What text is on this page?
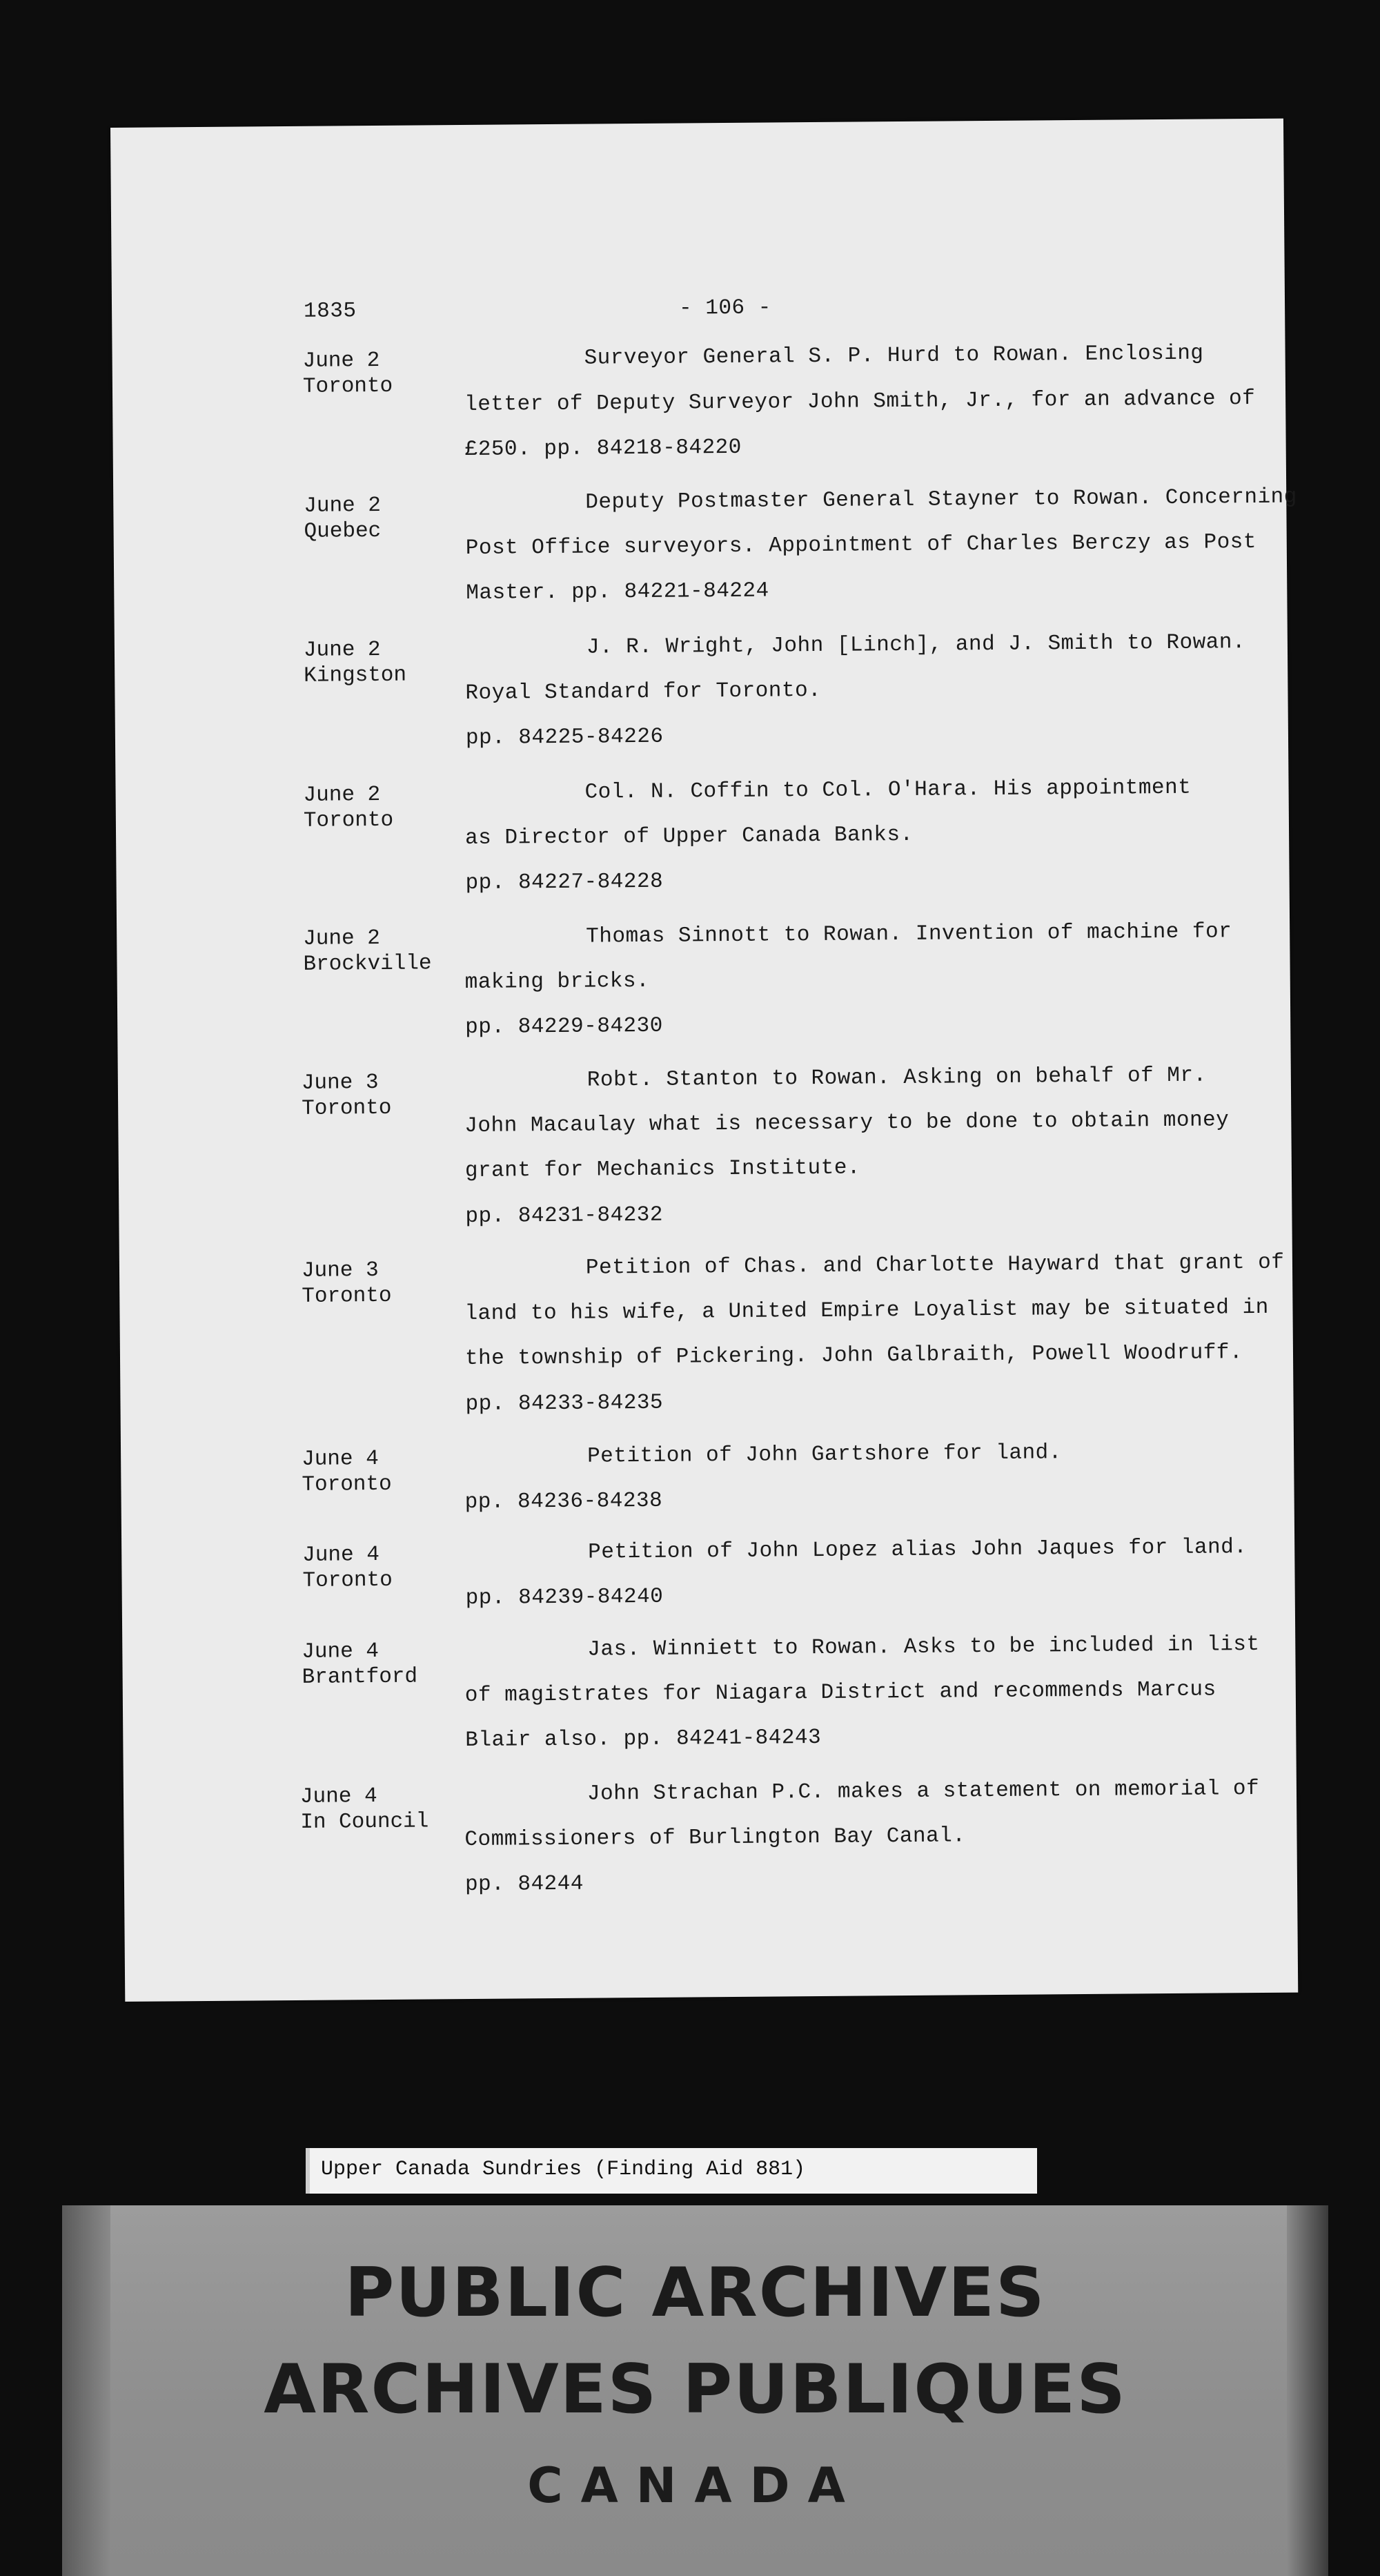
1835	- 106 -
June 2
Toronto
Surveyor General S. P. Hurd to Rowan. Enclosing
letter of Deputy Surveyor John Smith, Jr., for an advance of
£250. pp. 84218-84220
June 2
Quebec
Deputy Postmaster General Stayner to Rowan. Concerning
Post Office surveyors. Appointment of Charles Berczy as Post
Master. pp. 84221-84224
June 2
Kingston
J. R. Wright, John [Linch], and J. Smith to Rowan.
Royal Standard for Toronto.
pp. 84225-84226
June 2
Toronto
Col. N. Coffin to Col. O'Hara. His appointment
as Director of Upper Canada Banks.
pp. 84227-84228
June 2
Brockville
Thomas Sinnott to Rowan. Invention of machine for
making bricks.
pp. 84229-84230
June 3
Toronto
Robt. Stanton to Rowan. Asking on behalf of Mr.
John Macaulay what is necessary to be done to obtain money
grant for Mechanics Institute.
pp. 84231-84232
June 3
Toronto
Petition of Chas. and Charlotte Hayward that grant of
land to his wife, a United Empire Loyalist may be situated in
the township of Pickering. John Galbraith, Powell Woodruff.
pp. 84233-84235
June 4
Toronto
Petition of John Gartshore for land.
pp. 84236-84238
June 4
Toronto
Petition of John Lopez alias John Jaques for land.
pp. 84239-84240
June 4
Brantford
Jas. Winniett to Rowan. Asks to be included in list
of magistrates for Niagara District and recommends Marcus
Blair also. pp. 84241-84243
June 4
In Council
John Strachan P.C. makes a statement on memorial of
Commissioners of Burlington Bay Canal.
pp. 84244
Upper Canada Sundries (Finding Aid 881)
PUBLIC ARCHIVES
ARCHIVES PUBLIQUES
CANADA
